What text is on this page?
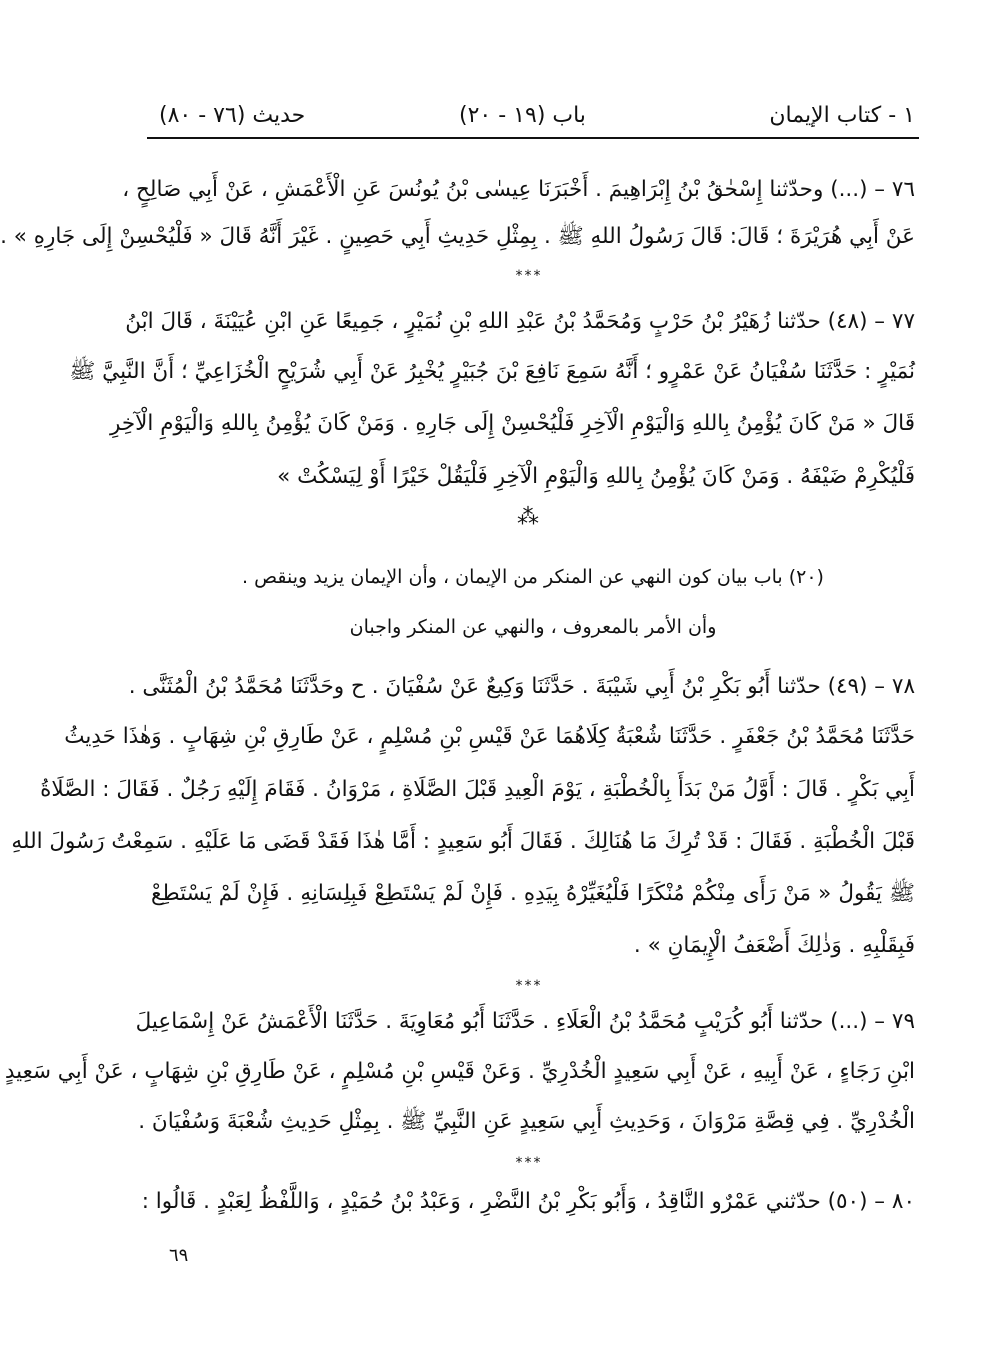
(٧٦ - ٨٠) حديث	(١٩ - ٢٠) باب	١ - كتاب الإيمان
٧٦ – (...) وحدّثنا إِسْحٰقُ بْنُ إِبْرَاهِيمَ . أَخْبَرَنَا عِيسٰى بْنُ يُونُسَ عَنِ الْأَعْمَشِ ، عَنْ أَبِي صَالِحٍ ،
عَنْ أَبِي هُرَيْرَةَ ؛ قَالَ: قَالَ رَسُولُ اللهِ ﷺ . بِمِثْلِ حَدِيثِ أَبِي حَصِينٍ . غَيْرَ أَنَّهُ قَالَ « فَلْيُحْسِنْ إِلَى جَارِهِ » .
***
٧٧ – (٤٨) حدّثنا زُهَيْرُ بْنُ حَرْبٍ وَمُحَمَّدُ بْنُ عَبْدِ اللهِ بْنِ نُمَيْرٍ ، جَمِيعًا عَنِ ابْنِ عُيَيْنَةَ ، قَالَ ابْنُ
نُمَيْرٍ : حَدَّثَنَا سُفْيَانُ عَنْ عَمْرٍو ؛ أَنَّهُ سَمِعَ نَافِعَ بْنَ جُبَيْرٍ يُخْبِرُ عَنْ أَبِي شُرَيْحٍ الْخُزَاعِيِّ ؛ أَنَّ النَّبِيَّ ﷺ
قَالَ « مَنْ كَانَ يُؤْمِنُ بِاللهِ وَالْيَوْمِ الْآخِرِ فَلْيُحْسِنْ إِلَى جَارِهِ . وَمَنْ كَانَ يُؤْمِنُ بِاللهِ وَالْيَوْمِ الْآخِرِ
فَلْيُكْرِمْ ضَيْفَهُ . وَمَنْ كَانَ يُؤْمِنُ بِاللهِ وَالْيَوْمِ الْآخِرِ فَلْيَقُلْ خَيْرًا أَوْ لِيَسْكُتْ »
⁂
(٢٠) باب بيان كون النهي عن المنكر من الإيمان ، وأن الإيمان يزيد وينقص .
وأن الأمر بالمعروف ، والنهي عن المنكر واجبان
٧٨ – (٤٩) حدّثنا أَبُو بَكْرِ بْنُ أَبِي شَيْبَةَ . حَدَّثَنَا وَكِيعٌ عَنْ سُفْيَانَ . ح وحَدَّثَنَا مُحَمَّدُ بْنُ الْمُثَنَّى .
حَدَّثَنَا مُحَمَّدُ بْنُ جَعْفَرٍ . حَدَّثَنَا شُعْبَةُ كِلَاهُمَا عَنْ قَيْسِ بْنِ مُسْلِمٍ ، عَنْ طَارِقِ بْنِ شِهَابٍ . وَهٰذَا حَدِيثُ
أَبِي بَكْرٍ . قَالَ : أَوَّلُ مَنْ بَدَأَ بِالْخُطْبَةِ ، يَوْمَ الْعِيدِ قَبْلَ الصَّلَاةِ ، مَرْوَانُ . فَقَامَ إِلَيْهِ رَجُلٌ . فَقَالَ : الصَّلَاةُ
قَبْلَ الْخُطْبَةِ . فَقَالَ : قَدْ تُرِكَ مَا هُنَالِكَ . فَقَالَ أَبُو سَعِيدٍ : أَمَّا هٰذَا فَقَدْ قَضَى مَا عَلَيْهِ . سَمِعْتُ رَسُولَ اللهِ
ﷺ يَقُولُ « مَنْ رَأَى مِنْكُمْ مُنْكَرًا فَلْيُغَيِّرْهُ بِيَدِهِ . فَإِنْ لَمْ يَسْتَطِعْ فَبِلِسَانِهِ . فَإِنْ لَمْ يَسْتَطِعْ
فَبِقَلْبِهِ . وَذٰلِكَ أَضْعَفُ الْإِيمَانِ » .
***
٧٩ – (...) حدّثنا أَبُو كُرَيْبٍ مُحَمَّدُ بْنُ الْعَلَاءِ . حَدَّثَنَا أَبُو مُعَاوِيَةَ . حَدَّثَنَا الْأَعْمَشُ عَنْ إِسْمَاعِيلَ
ابْنِ رَجَاءٍ ، عَنْ أَبِيهِ ، عَنْ أَبِي سَعِيدٍ الْخُدْرِيِّ . وَعَنْ قَيْسِ بْنِ مُسْلِمٍ ، عَنْ طَارِقِ بْنِ شِهَابٍ ، عَنْ أَبِي سَعِيدٍ
الْخُدْرِيِّ . فِي قِصَّةِ مَرْوَانَ ، وَحَدِيثِ أَبِي سَعِيدٍ عَنِ النَّبِيِّ ﷺ . بِمِثْلِ حَدِيثِ شُعْبَةَ وَسُفْيَانَ .
***
٨٠ – (٥٠) حدّثني عَمْرٌو النَّاقِدُ ، وَأَبُو بَكْرِ بْنُ النَّضْرِ ، وَعَبْدُ بْنُ حُمَيْدٍ ، وَاللَّفْظُ لِعَبْدٍ . قَالُوا :
٦٩
